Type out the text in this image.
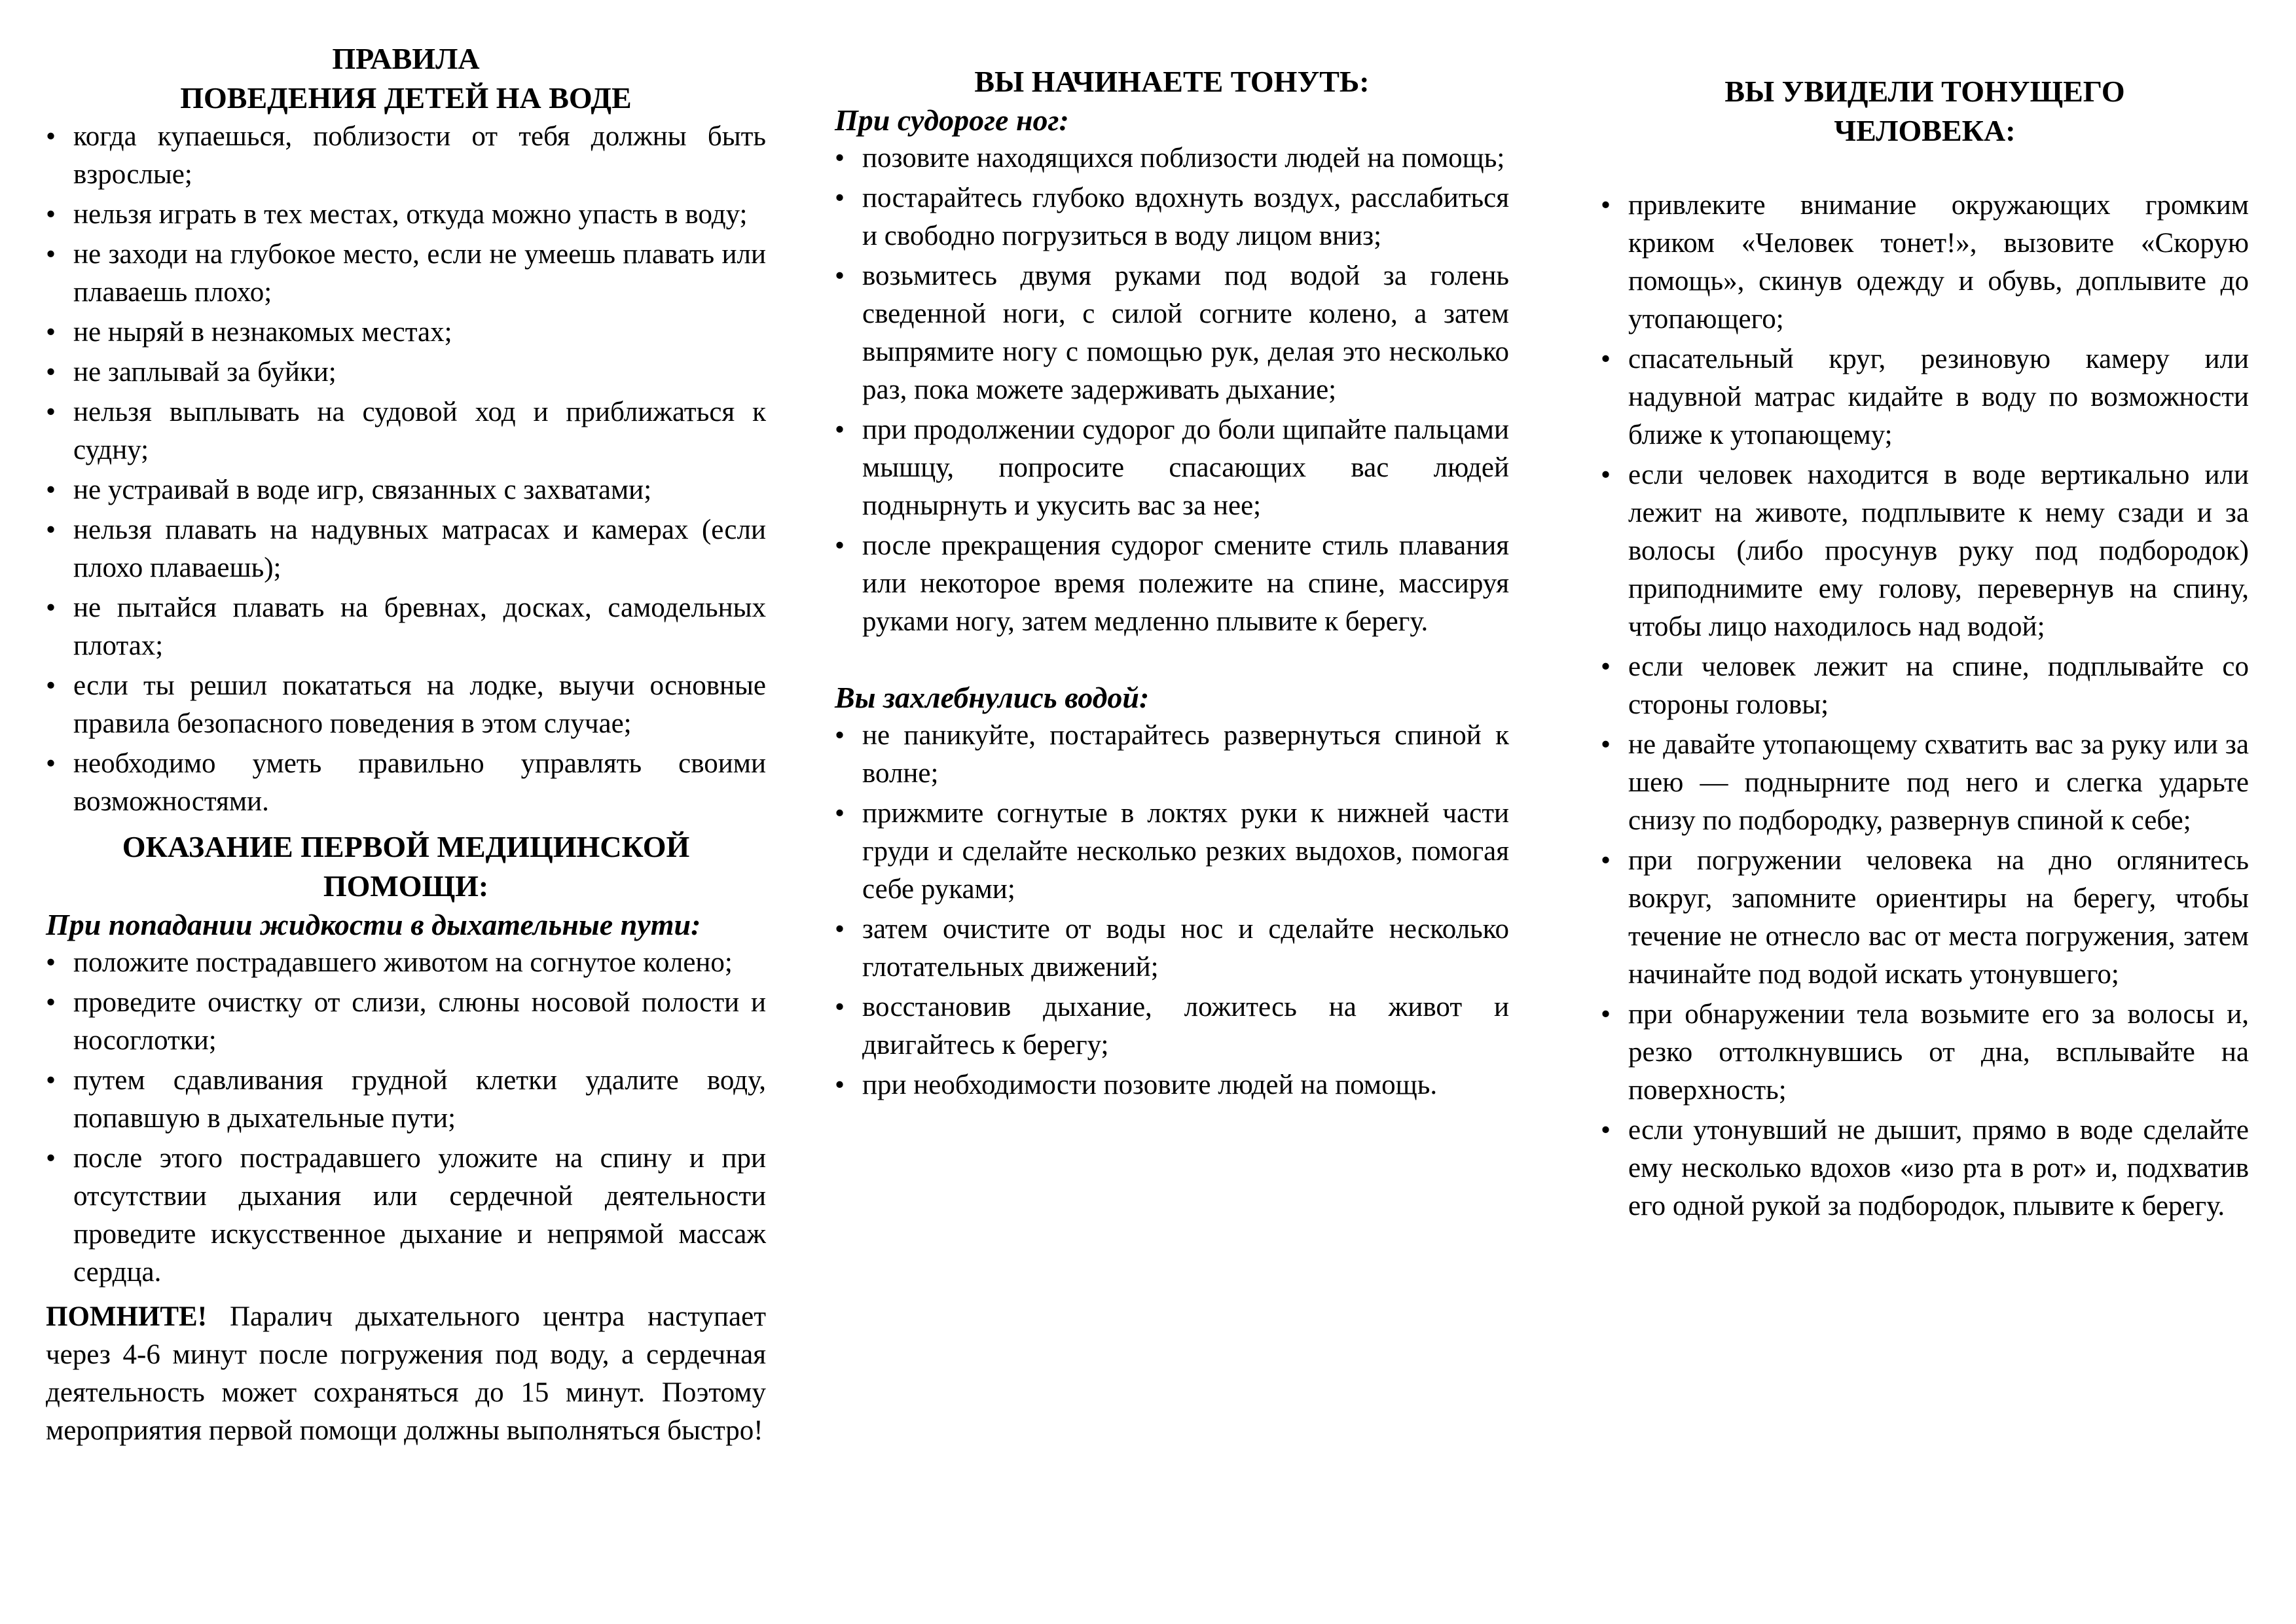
ПРАВИЛА
ПОВЕДЕНИЯ ДЕТЕЙ НА ВОДЕ
• когда купаешься, поблизости от тебя должны быть взрослые;
• нельзя играть в тех местах, откуда можно упасть в воду;
• не заходи на глубокое место, если не умеешь плавать или плаваешь плохо;
• не ныряй в незнакомых местах;
• не заплывай за буйки;
• нельзя выплывать на судовой ход и приближаться к судну;
• не устраивай в воде игр, связанных с захватами;
• нельзя плавать на надувных матрасах и камерах (если плохо плаваешь);
• не пытайся плавать на бревнах, досках, самодельных плотах;
• если ты решил покататься на лодке, выучи основные правила безопасного поведения в этом случае;
• необходимо уметь правильно управлять своими возможностями.
ОКАЗАНИЕ ПЕРВОЙ МЕДИЦИНСКОЙ
ПОМОЩИ:
При попадании жидкости в дыхательные пути:
• положите пострадавшего животом на согнутое колено;
• проведите очистку от слизи, слюны носовой полости и носоглотки;
• путем сдавливания грудной клетки удалите воду, попавшую в дыхательные пути;
• после этого пострадавшего уложите на спину и при отсутствии дыхания или сердечной деятельности проведите искусственное дыхание и непрямой массаж сердца.

ПОМНИТЕ! Паралич дыхательного центра наступает через 4-6 минут после погружения под воду, а сердечная деятельность может сохраняться до 15 минут. Поэтому мероприятия первой помощи должны выполняться быстро!

ВЫ НАЧИНАЕТЕ ТОНУТЬ:
При судороге ног:
• позовите находящихся поблизости людей на помощь;
• постарайтесь глубоко вдохнуть воздух, расслабиться и свободно погрузиться в воду лицом вниз;
• возьмитесь двумя руками под водой за голень сведенной ноги, с силой согните колено, а затем выпрямите ногу с помощью рук, делая это несколько раз, пока можете задерживать дыхание;
• при продолжении судорог до боли щипайте пальцами мышцу, попросите спасающих вас людей поднырнуть и укусить вас за нее;
• после прекращения судорог смените стиль плавания или некоторое время полежите на спине, массируя руками ногу, затем медленно плывите к берегу.
Вы захлебнулись водой:
• не паникуйте, постарайтесь развернуться спиной к волне;
• прижмите согнутые в локтях руки к нижней части груди и сделайте несколько резких выдохов, помогая себе руками;
• затем очистите от воды нос и сделайте несколько глотательных движений;
• восстановив дыхание, ложитесь на живот и двигайтесь к берегу;
• при необходимости позовите людей на помощь.
ВЫ УВИДЕЛИ ТОНУЩЕГО
ЧЕЛОВЕКА:
• привлеките внимание окружающих громким криком «Человек тонет!», вызовите «Скорую помощь», скинув одежду и обувь, доплывите до утопающего;
• спасательный круг, резиновую камеру или надувной матрас кидайте в воду по возможности ближе к утопающему;
• если человек находится в воде вертикально или лежит на животе, подплывите к нему сзади и за волосы (либо просунув руку под подбородок) приподнимите ему голову, перевернув на спину, чтобы лицо находилось над водой;
• если человек лежит на спине, подплывайте со стороны головы;
• не давайте утопающему схватить вас за руку или за шею — поднырните под него и слегка ударьте снизу по подбородку, развернув спиной к себе;
• при погружении человека на дно оглянитесь вокруг, запомните ориентиры на берегу, чтобы течение не отнесло вас от места погружения, затем начинайте под водой искать утонувшего;
• при обнаружении тела возьмите его за волосы и, резко оттолкнувшись от дна, всплывайте на поверхность;
• если утонувший не дышит, прямо в воде сделайте ему несколько вдохов «изо рта в рот» и, подхватив его одной рукой за подбородок, плывите к берегу.
